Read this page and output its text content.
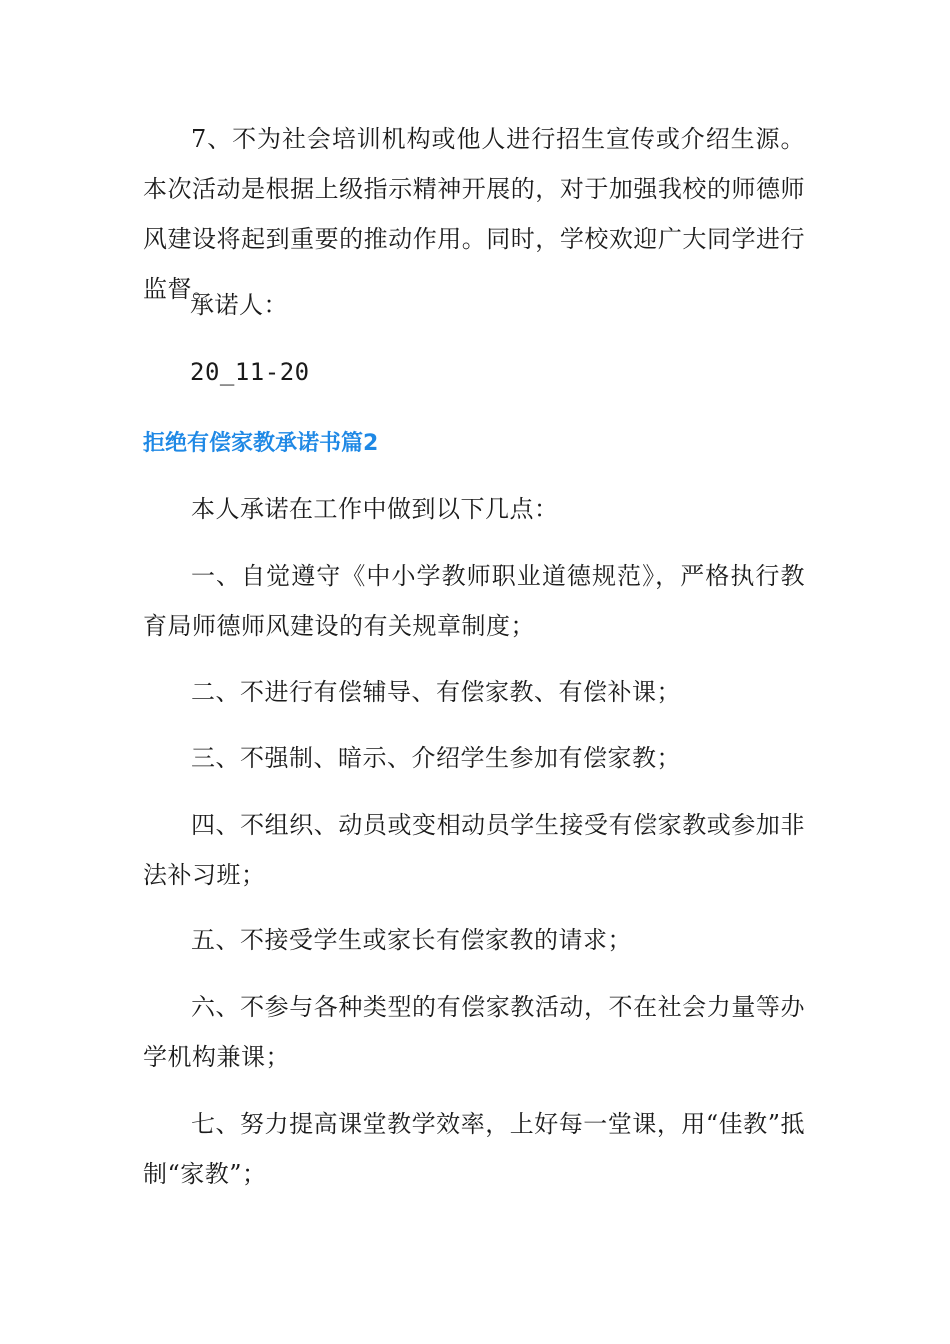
7、不为社会培训机构或他人进行招生宣传或介绍生源。本次活动是根据上级指示精神开展的，对于加强我校的师德师风建设将起到重要的推动作用。同时，学校欢迎广大同学进行监督。

承诺人：

20_11-20

拒绝有偿家教承诺书篇2

本人承诺在工作中做到以下几点：

一、自觉遵守《中小学教师职业道德规范》，严格执行教育局师德师风建设的有关规章制度；

二、不进行有偿辅导、有偿家教、有偿补课；

三、不强制、暗示、介绍学生参加有偿家教；

四、不组织、动员或变相动员学生接受有偿家教或参加非法补习班；

五、不接受学生或家长有偿家教的请求；

六、不参与各种类型的有偿家教活动，不在社会力量等办学机构兼课；

七、努力提高课堂教学效率，上好每一堂课，用“佳教”抵制“家教”；
